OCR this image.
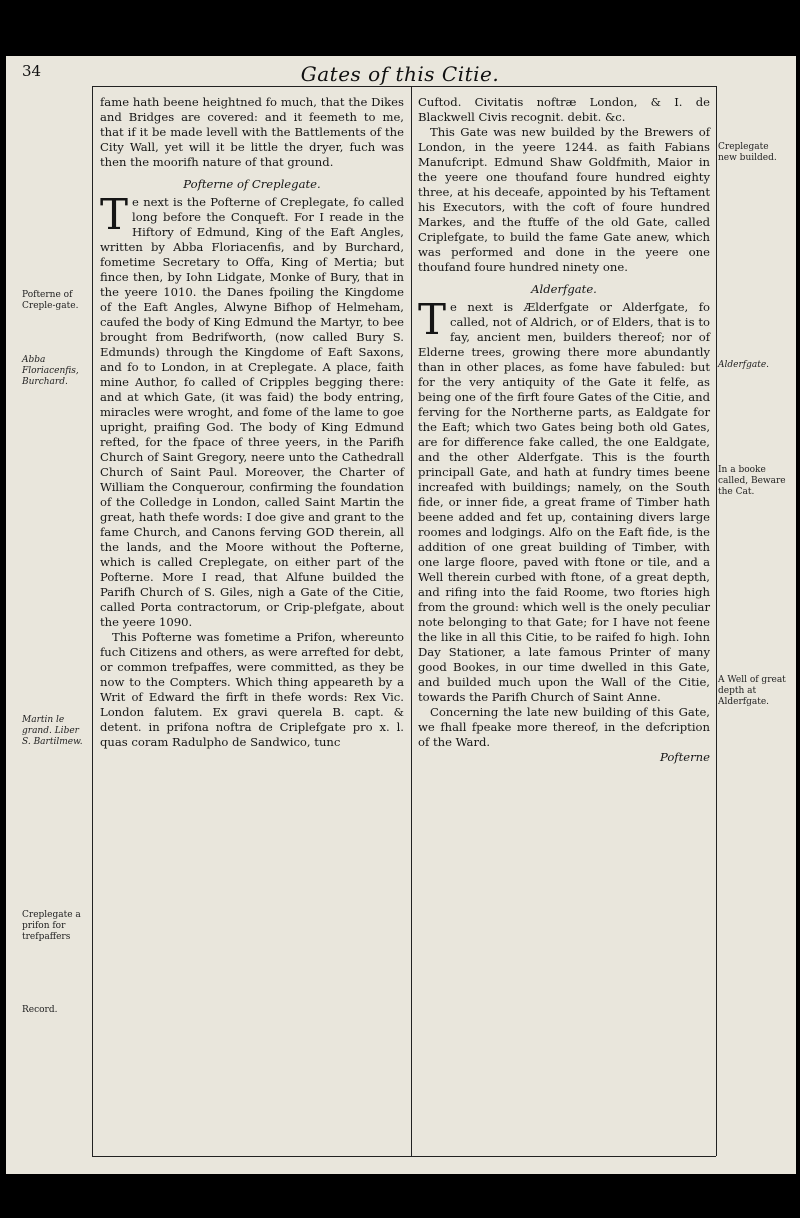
34	Gates of this Citie.

fame hath beene heightned fo much, that the Dikes and Bridges are covered: and it feemeth to me, that if it be made levell with the Battlements of the City Wall, yet will it be little the dryer, fuch was then the moorifh nature of that ground.

Pofterne of Creplegate.

Te next is the Pofterne of Creplegate, fo called long before the Conqueft. For I reade in the Hiftory of Edmund, King of the Eaft Angles, written by Abba Floriacenfis, and by Burchard, fometime Secretary to Offa, King of Mertia; but fince then, by Iohn Lidgate, Monke of Bury, that in the yeere 1010. the Danes fpoiling the Kingdome of the Eaft Angles, Alwyne Bifhop of Helmeham, caufed the body of King Edmund the Martyr, to bee brought from Bedrifworth, (now called Bury S. Edmunds) through the Kingdome of Eaft Saxons, and fo to London, in at Creplegate. A place, faith mine Author, fo called of Cripples begging there: and at which Gate, (it was faid) the body entring, miracles were wroght, and fome of the lame to goe upright, praifing God. The body of King Edmund refted, for the fpace of three yeers, in the Parifh Church of Saint Gregory, neere unto the Cathedrall Church of Saint Paul. Moreover, the Charter of William the Conquerour, confirming the foundation of the Colledge in London, called Saint Martin the great, hath thefe words: I doe give and grant to the fame Church, and Canons ferving GOD therein, all the lands, and the Moore without the Pofterne, which is called Creplegate, on either part of the Pofterne. More I read, that Alfune builded the Parifh Church of S. Giles, nigh a Gate of the Citie, called Porta contractorum, or Crip-plefgate, about the yeere 1090.

This Pofterne was fometime a Prifon, whereunto fuch Citizens and others, as were arrefted for debt, or common trefpaffes, were committed, as they be now to the Compters. Which thing appeareth by a Writ of Edward the firft in thefe words: Rex Vic. London falutem. Ex gravi querela B. capt. & detent. in prifona noftra de Criplefgate pro x. l. quas coram Radulpho de Sandwico, tunc

Cuftod. Civitatis noftræ London, & I. de Blackwell Civis recognit. debit. &c.

This Gate was new builded by the Brewers of London, in the yeere 1244. as faith Fabians Manufcript. Edmund Shaw Goldfmith, Maior in the yeere one thoufand foure hundred eighty three, at his deceafe, appointed by his Teftament his Executors, with the coft of foure hundred Markes, and the ftuffe of the old Gate, called Criplefgate, to build the fame Gate anew, which was performed and done in the yeere one thoufand foure hundred ninety one.

Alderfgate.

Te next is Ælderfgate or Alderfgate, fo called, not of Aldrich, or of Elders, that is to fay, ancient men, builders thereof; nor of Elderne trees, growing there more abundantly than in other places, as fome have fabuled: but for the very antiquity of the Gate it felfe, as being one of the firft foure Gates of the Citie, and ferving for the Northerne parts, as Ealdgate for the Eaft; which two Gates being both old Gates, are for difference fake called, the one Ealdgate, and the other Alderfgate. This is the fourth principall Gate, and hath at fundry times beene increafed with buildings; namely, on the South fide, or inner fide, a great frame of Timber hath beene added and fet up, containing divers large roomes and lodgings. Alfo on the Eaft fide, is the addition of one great building of Timber, with one large floore, paved with ftone or tile, and a Well therein curbed with ftone, of a great depth, and rifing into the faid Roome, two ftories high from the ground: which well is the onely peculiar note belonging to that Gate; for I have not feene the like in all this Citie, to be raifed fo high. Iohn Day Stationer, a late famous Printer of many good Bookes, in our time dwelled in this Gate, and builded much upon the Wall of the Citie, towards the Parifh Church of Saint Anne.

Concerning the late new building of this Gate, we fhall fpeake more thereof, in the defcription of the Ward.

Pofterne

Pofterne of Creple-gate.
Abba Floriacenfis, Burchard.
Martin le grand. Liber S. Bartilmew.
Creplegate a prifon for trefpaffers
Record.
Creplegate new builded.
Alderfgate.
In a booke called, Beware the Cat.
A Well of great depth at Alderfgate.
